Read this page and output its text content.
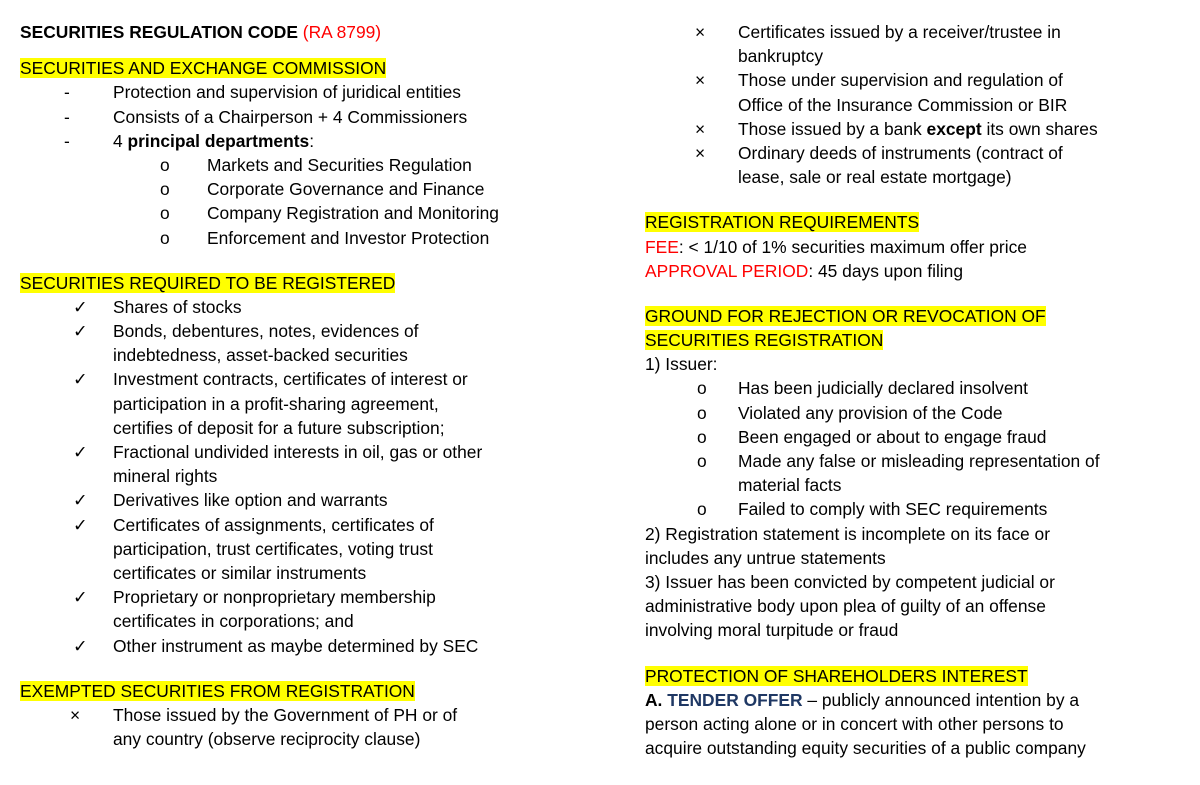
SECURITIES REGULATION CODE (RA 8799)
SECURITIES AND EXCHANGE COMMISSION
- Protection and supervision of juridical entities
- Consists of a Chairperson + 4 Commissioners
- 4 principal departments:
o Markets and Securities Regulation
o Corporate Governance and Finance
o Company Registration and Monitoring
o Enforcement and Investor Protection
SECURITIES REQUIRED TO BE REGISTERED
✓ Shares of stocks
✓ Bonds, debentures, notes, evidences of
indebtedness, asset-backed securities
✓ Investment contracts, certificates of interest or
participation in a profit-sharing agreement,
certifies of deposit for a future subscription;
✓ Fractional undivided interests in oil, gas or other
mineral rights
✓ Derivatives like option and warrants
✓ Certificates of assignments, certificates of
participation, trust certificates, voting trust
certificates or similar instruments
✓ Proprietary or nonproprietary membership
certificates in corporations; and
✓ Other instrument as maybe determined by SEC
EXEMPTED SECURITIES FROM REGISTRATION
× Those issued by the Government of PH or of
any country (observe reciprocity clause)
× Certificates issued by a receiver/trustee in
bankruptcy
× Those under supervision and regulation of
Office of the Insurance Commission or BIR
× Those issued by a bank except its own shares
× Ordinary deeds of instruments (contract of
lease, sale or real estate mortgage)
REGISTRATION REQUIREMENTS
FEE: < 1/10 of 1% securities maximum offer price
APPROVAL PERIOD: 45 days upon filing
GROUND FOR REJECTION OR REVOCATION OF
SECURITIES REGISTRATION
1) Issuer:
o Has been judicially declared insolvent
o Violated any provision of the Code
o Been engaged or about to engage fraud
o Made any false or misleading representation of
material facts
o Failed to comply with SEC requirements
2) Registration statement is incomplete on its face or
includes any untrue statements
3) Issuer has been convicted by competent judicial or
administrative body upon plea of guilty of an offense
involving moral turpitude or fraud
PROTECTION OF SHAREHOLDERS INTEREST
A. TENDER OFFER – publicly announced intention by a
person acting alone or in concert with other persons to
acquire outstanding equity securities of a public company
